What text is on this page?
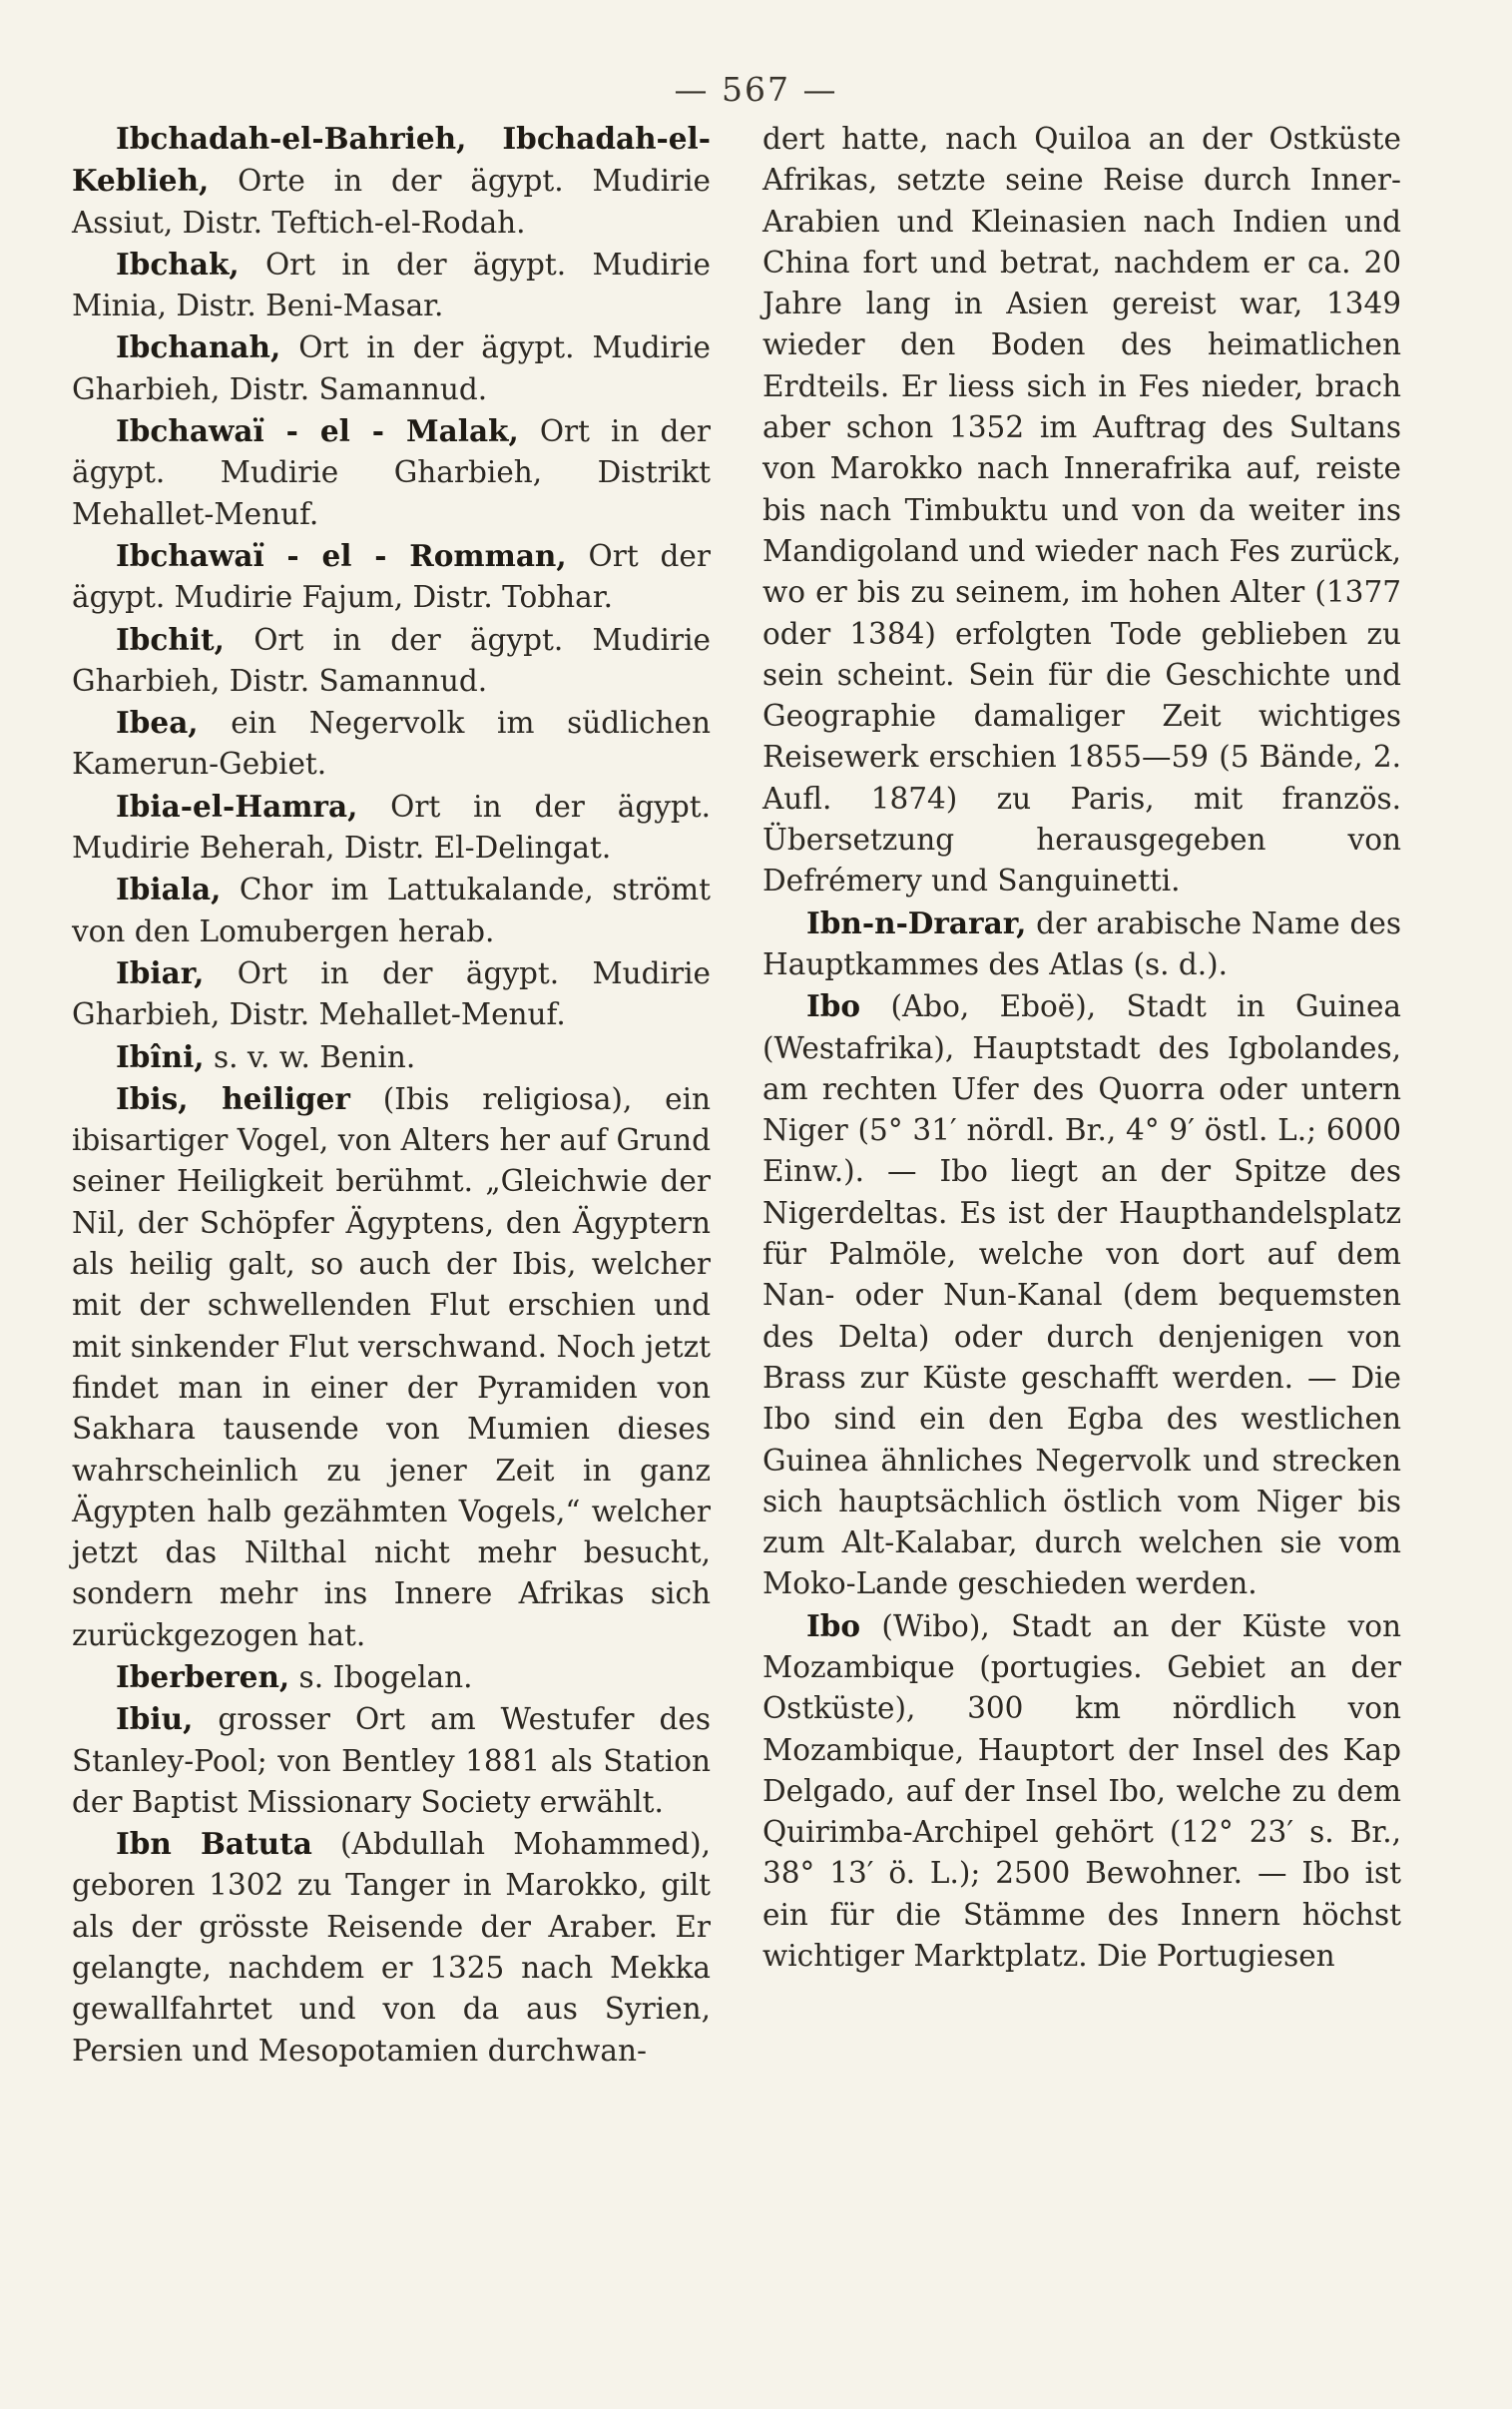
— 567 —

Ibchadah-el-Bahrieh, Ibchadah-el-Keblieh, Orte in der ägypt. Mudirie Assiut, Distr. Teftich-el-Rodah.

Ibchak, Ort in der ägypt. Mudirie Minia, Distr. Beni-Masar.

Ibchanah, Ort in der ägypt. Mudirie Gharbieh, Distr. Samannud.

Ibchawaï - el - Malak, Ort in der ägypt. Mudirie Gharbieh, Distrikt Mehallet-Menuf.

Ibchawaï - el - Romman, Ort der ägypt. Mudirie Fajum, Distr. Tobhar.

Ibchit, Ort in der ägypt. Mudirie Gharbieh, Distr. Samannud.

Ibea, ein Negervolk im südlichen Kamerun-Gebiet.

Ibia-el-Hamra, Ort in der ägypt. Mudirie Beherah, Distr. El-Delingat.

Ibiala, Chor im Lattukalande, strömt von den Lomubergen herab.

Ibiar, Ort in der ägypt. Mudirie Gharbieh, Distr. Mehallet-Menuf.

Ibîni, s. v. w. Benin.

Ibis, heiliger (Ibis religiosa), ein ibisartiger Vogel, von Alters her auf Grund seiner Heiligkeit berühmt. „Gleichwie der Nil, der Schöpfer Ägyptens, den Ägyptern als heilig galt, so auch der Ibis, welcher mit der schwellenden Flut erschien und mit sinkender Flut verschwand. Noch jetzt findet man in einer der Pyramiden von Sakhara tausende von Mumien dieses wahrscheinlich zu jener Zeit in ganz Ägypten halb gezähmten Vogels,“ welcher jetzt das Nilthal nicht mehr besucht, sondern mehr ins Innere Afrikas sich zurückgezogen hat.

Iberberen, s. Ibogelan.

Ibiu, grosser Ort am Westufer des Stanley-Pool; von Bentley 1881 als Station der Baptist Missionary Society erwählt.

Ibn Batuta (Abdullah Mohammed), geboren 1302 zu Tanger in Marokko, gilt als der grösste Reisende der Araber. Er gelangte, nachdem er 1325 nach Mekka gewallfahrtet und von da aus Syrien, Persien und Mesopotamien durchwan-

dert hatte, nach Quiloa an der Ostküste Afrikas, setzte seine Reise durch Inner-Arabien und Kleinasien nach Indien und China fort und betrat, nachdem er ca. 20 Jahre lang in Asien gereist war, 1349 wieder den Boden des heimatlichen Erdteils. Er liess sich in Fes nieder, brach aber schon 1352 im Auftrag des Sultans von Marokko nach Innerafrika auf, reiste bis nach Timbuktu und von da weiter ins Mandigoland und wieder nach Fes zurück, wo er bis zu seinem, im hohen Alter (1377 oder 1384) erfolgten Tode geblieben zu sein scheint. Sein für die Geschichte und Geographie damaliger Zeit wichtiges Reisewerk erschien 1855—59 (5 Bände, 2. Aufl. 1874) zu Paris, mit französ. Übersetzung herausgegeben von Defrémery und Sanguinetti.

Ibn-n-Drarar, der arabische Name des Hauptkammes des Atlas (s. d.).

Ibo (Abo, Eboë), Stadt in Guinea (Westafrika), Hauptstadt des Igbolandes, am rechten Ufer des Quorra oder untern Niger (5° 31′ nördl. Br., 4° 9′ östl. L.; 6000 Einw.). — Ibo liegt an der Spitze des Nigerdeltas. Es ist der Haupthandelsplatz für Palmöle, welche von dort auf dem Nan- oder Nun-Kanal (dem bequemsten des Delta) oder durch denjenigen von Brass zur Küste geschafft werden. — Die Ibo sind ein den Egba des westlichen Guinea ähnliches Negervolk und strecken sich hauptsächlich östlich vom Niger bis zum Alt-Kalabar, durch welchen sie vom Moko-Lande geschieden werden.

Ibo (Wibo), Stadt an der Küste von Mozambique (portugies. Gebiet an der Ostküste), 300 km nördlich von Mozambique, Hauptort der Insel des Kap Delgado, auf der Insel Ibo, welche zu dem Quirimba-Archipel gehört (12° 23′ s. Br., 38° 13′ ö. L.); 2500 Bewohner. — Ibo ist ein für die Stämme des Innern höchst wichtiger Marktplatz. Die Portugiesen
